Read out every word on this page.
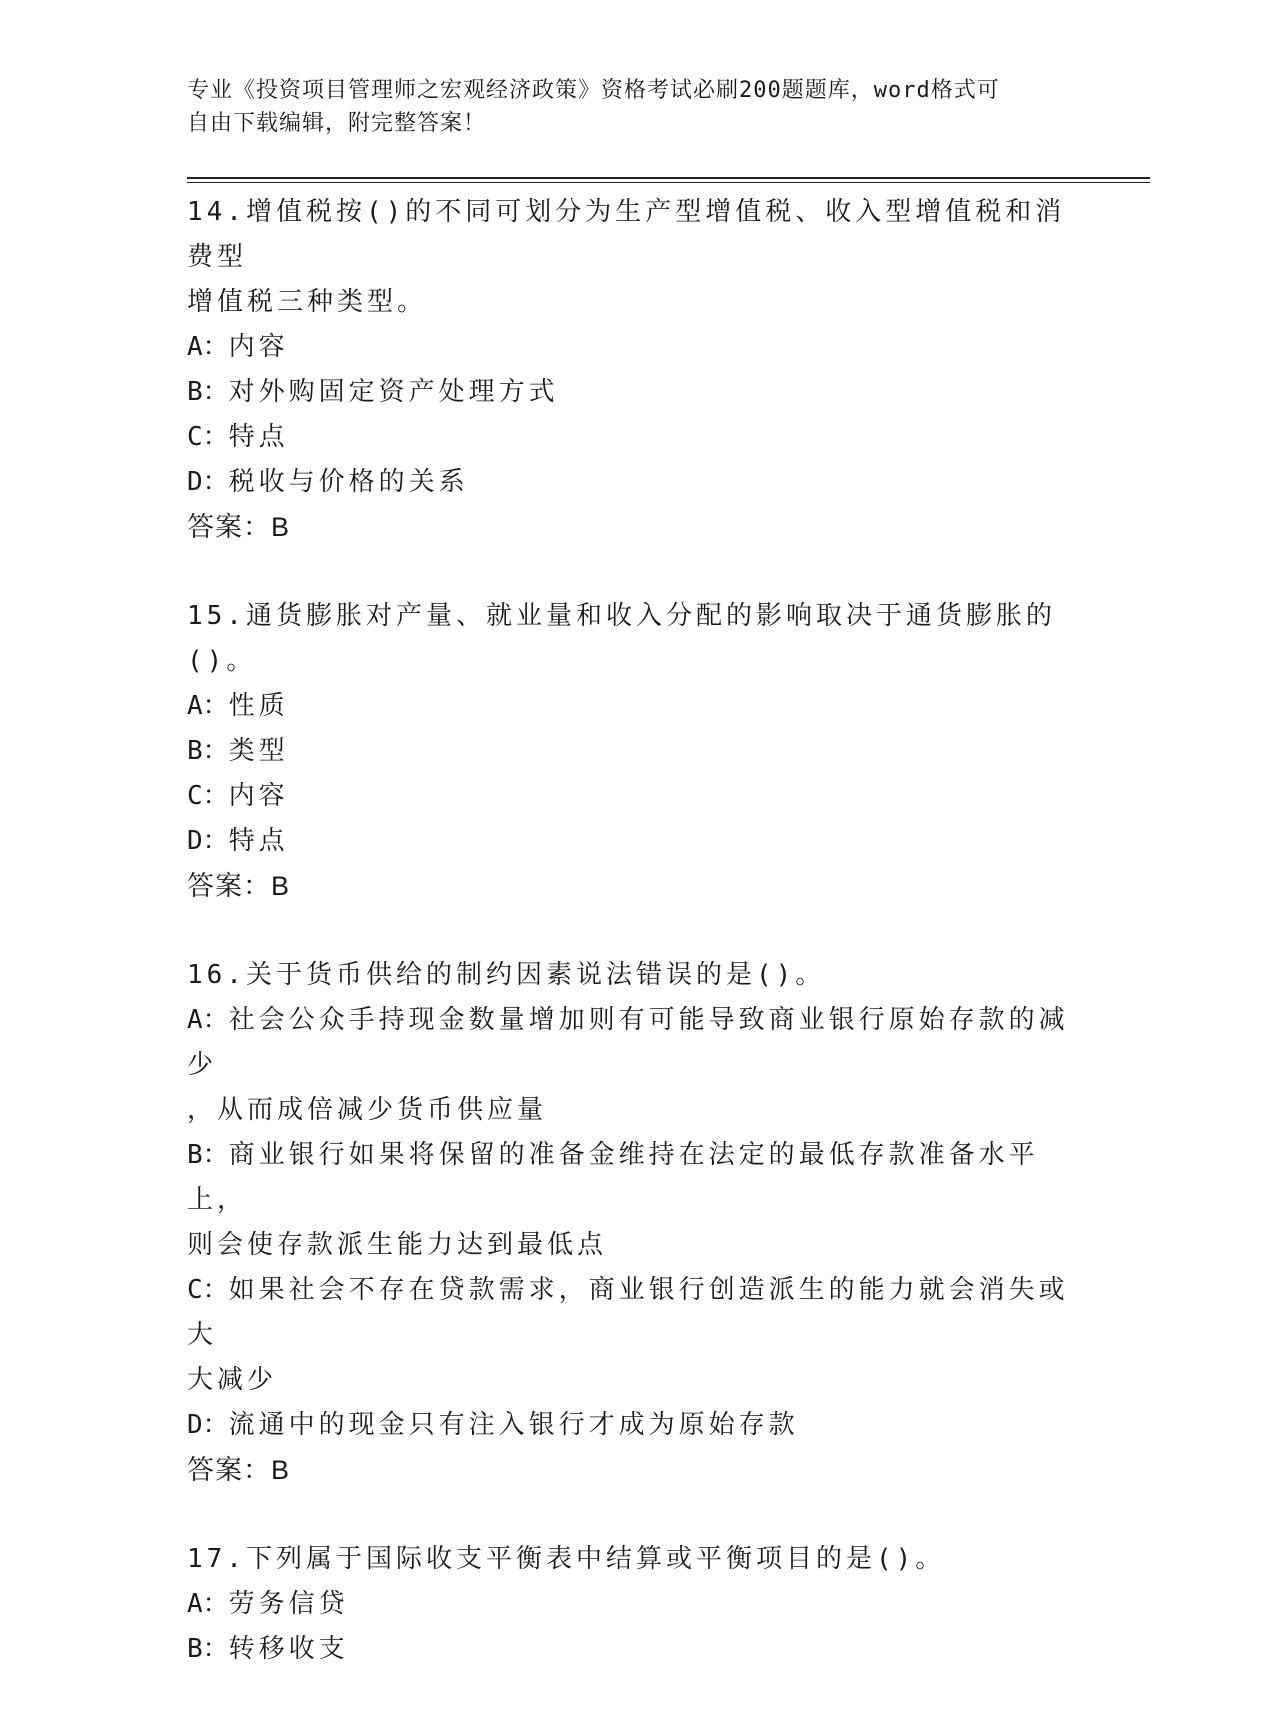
专业《投资项目管理师之宏观经济政策》资格考试必刷200题题库，word格式可
自由下载编辑，附完整答案！

14.增值税按()的不同可划分为生产型增值税、收入型增值税和消费型

增值税三种类型。

A：内容

B：对外购固定资产处理方式

C：特点

D：税收与价格的关系

答案：B

15.通货膨胀对产量、就业量和收入分配的影响取决于通货膨胀的()。

A：性质

B：类型

C：内容

D：特点

答案：B

16.关于货币供给的制约因素说法错误的是()。

A：社会公众手持现金数量增加则有可能导致商业银行原始存款的减少

，从而成倍减少货币供应量

B：商业银行如果将保留的准备金维持在法定的最低存款准备水平上，

则会使存款派生能力达到最低点

C：如果社会不存在贷款需求，商业银行创造派生的能力就会消失或大

大减少

D：流通中的现金只有注入银行才成为原始存款

答案：B

17.下列属于国际收支平衡表中结算或平衡项目的是()。

A：劳务信贷

B：转移收支
